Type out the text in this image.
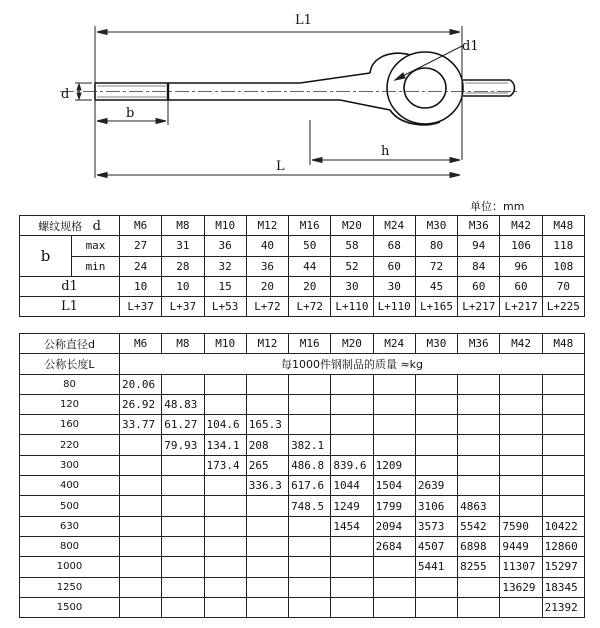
L1
d1
d
b
h
L
单位：mm
螺纹规格 d		M6	M8	M10	M12	M16	M20	M24	M30	M36	M42	M48
b	max	27	31	36	40	50	58	68	80	94	106	118
	min	24	28	32	36	44	52	60	72	84	96	108
d1		10	10	15	20	20	30	30	45	60	60	70
L1		L+37	L+37	L+53	L+72	L+72	L+110	L+110	L+165	L+217	L+217	L+225
公称直径d	M6	M8	M10	M12	M16	M20	M24	M30	M36	M42	M48
公称长度L	每1000件钢制品的质量 ≈kg										
80	20.06										
120	26.92	48.83									
160	33.77	61.27	104.6	165.3							
220		79.93	134.1	208	382.1						
300			173.4	265	486.8	839.6	1209				
400				336.3	617.6	1044	1504	2639			
500					748.5	1249	1799	3106	4863		
630						1454	2094	3573	5542	7590	10422
800							2684	4507	6898	9449	12860
1000								5441	8255	11307	15297
1250										13629	18345
1500											21392
